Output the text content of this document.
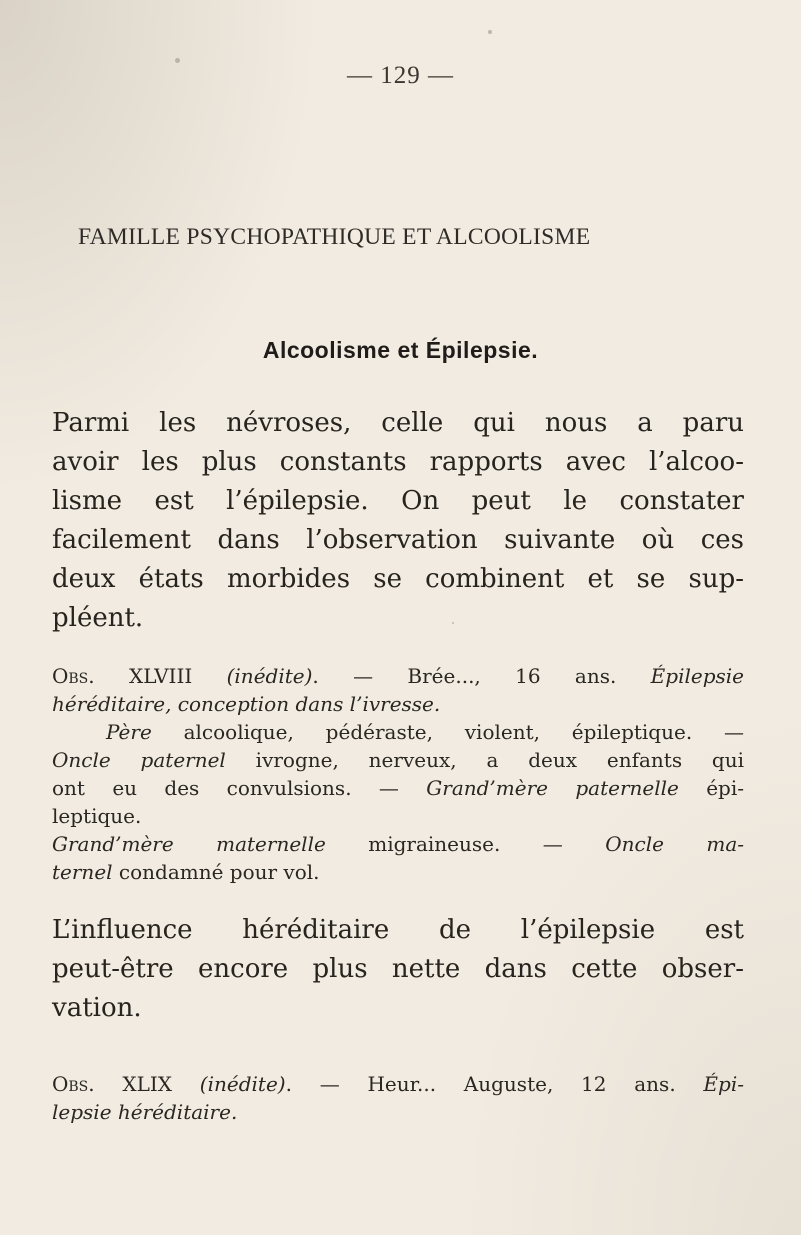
— 129 —
FAMILLE PSYCHOPATHIQUE ET ALCOOLISME
Alcoolisme et Épilepsie.

Parmi les névroses, celle qui nous a paru
avoir les plus constants rapports avec l’alcoo-
lisme est l’épilepsie. On peut le constater
facilement dans l’observation suivante où ces
deux états morbides se combinent et se sup-
pléent.

Obs. XLVIII (inédite). — Brée..., 16 ans. Épilepsie
héréditaire, conception dans l’ivresse.
Père alcoolique, pédéraste, violent, épileptique. —
Oncle paternel ivrogne, nerveux, a deux enfants qui
ont eu des convulsions. — Grand’mère paternelle épi-
leptique.
Grand’mère maternelle migraineuse. — Oncle ma-
ternel condamné pour vol.

L’influence héréditaire de l’épilepsie est
peut-être encore plus nette dans cette obser-
vation.

Obs. XLIX (inédite). — Heur... Auguste, 12 ans. Épi-
lepsie héréditaire.
